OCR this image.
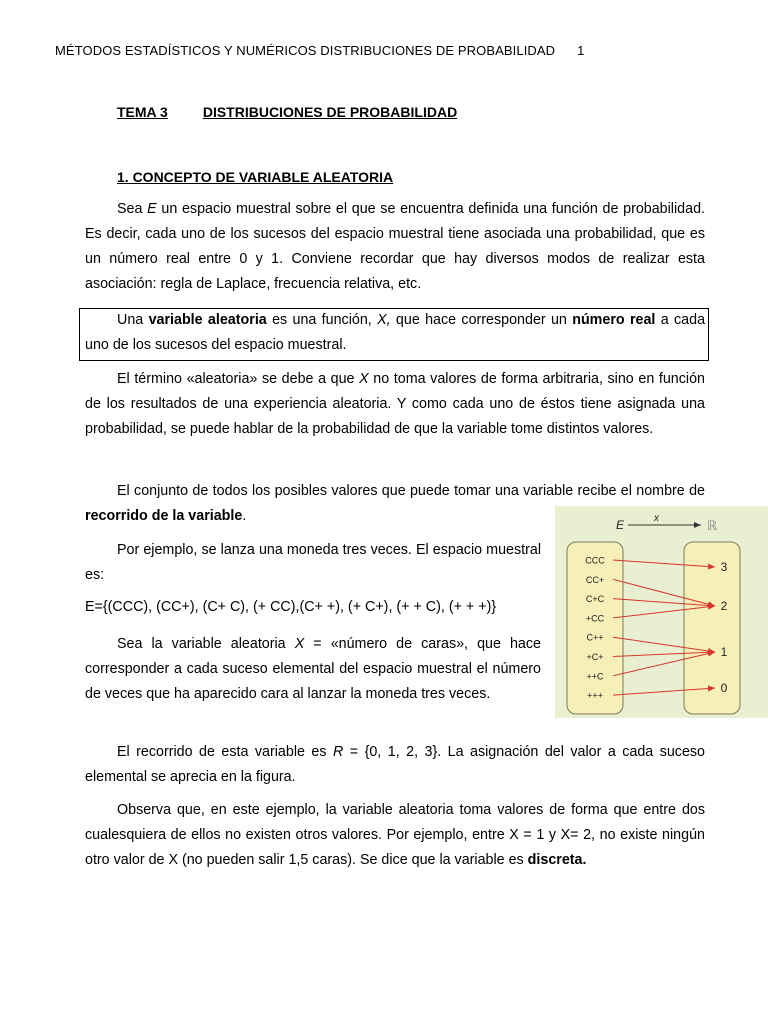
MÉTODOS ESTADÍSTICOS Y NUMÉRICOS DISTRIBUCIONES DE PROBABILIDAD 1
TEMA 3	DISTRIBUCIONES DE PROBABILIDAD
1. CONCEPTO DE VARIABLE ALEATORIA
Sea E un espacio muestral sobre el que se encuentra definida una función de probabilidad. Es decir, cada uno de los sucesos del espacio muestral tiene asociada una probabilidad, que es un número real entre 0 y 1. Conviene recordar que hay diversos modos de realizar esta asociación: regla de Laplace, frecuencia relativa, etc.
Una variable aleatoria es una función, X, que hace corresponder un número real a cada uno de los sucesos del espacio muestral.
El término «aleatoria» se debe a que X no toma valores de forma arbitraria, sino en función de los resultados de una experiencia aleatoria. Y como cada uno de éstos tiene asignada una probabilidad, se puede hablar de la probabilidad de que la variable tome distintos valores.
El conjunto de todos los posibles valores que puede tomar una variable recibe el nombre de recorrido de la variable.
Por ejemplo, se lanza una moneda tres veces. El espacio muestral es:
E={(CCC), (CC+), (C+ C), (+ CC),(C+ +), (+ C+), (+ + C), (+ + +)}
Sea la variable aleatoria X = «número de caras», que hace corresponder a cada suceso elemental del espacio muestral el número de veces que ha aparecido cara al lanzar la moneda tres veces.
El recorrido de esta variable es R = {0, 1, 2, 3}. La asignación del valor a cada suceso elemental se aprecia en la figura.
Observa que, en este ejemplo, la variable aleatoria toma valores de forma que entre dos cualesquiera de ellos no existen otros valores. Por ejemplo, entre X = 1 y X= 2, no existe ningún otro valor de X (no pueden salir 1,5 caras). Se dice que la variable es discreta.
E	x	ℝ
CCC
CC+
C+C
+CC
C++
+C+
++C
+++
3
2
1
0
